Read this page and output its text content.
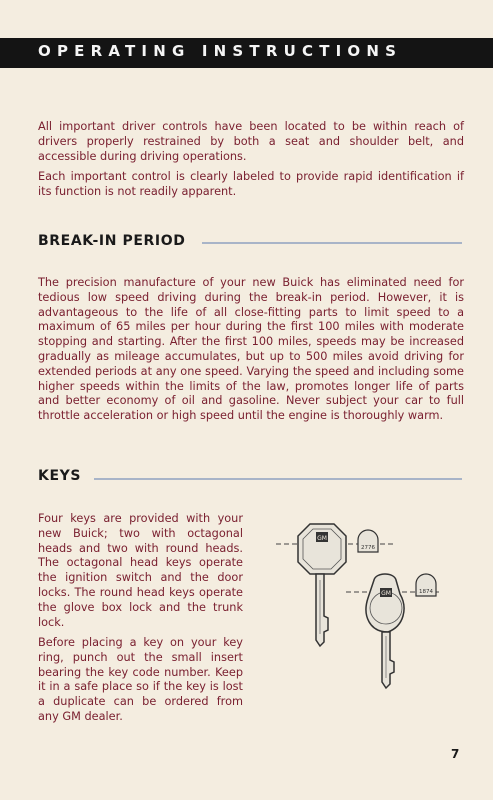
OPERATING INSTRUCTIONS

All important driver controls have been located to be within reach of drivers properly restrained by both a seat and shoulder belt, and accessible during driving operations.

Each important control is clearly labeled to provide rapid identification if its function is not readily apparent.

BREAK-IN PERIOD

The precision manufacture of your new Buick has eliminated need for tedious low speed driving during the break-in period. However, it is advantageous to the life of all close-fitting parts to limit speed to a maximum of 65 miles per hour during the first 100 miles with moderate stopping and starting. After the first 100 miles, speeds may be increased gradually as mileage accumulates, but up to 500 miles avoid driving for extended periods at any one speed. Varying the speed and including some higher speeds within the limits of the law, promotes longer life of parts and better economy of oil and gasoline. Never subject your car to full throttle acceleration or high speed until the engine is thoroughly warm.

KEYS

Four keys are provided with your new Buick; two with octagonal heads and two with round heads. The octagonal head keys operate the ignition switch and the door locks. The round head keys operate the glove box lock and the trunk lock.

Before placing a key on your key ring, punch out the small insert bearing the key code number. Keep it in a safe place so if the key is lost a duplicate can be ordered from any GM dealer.

GM
2776
GM	1874
7
